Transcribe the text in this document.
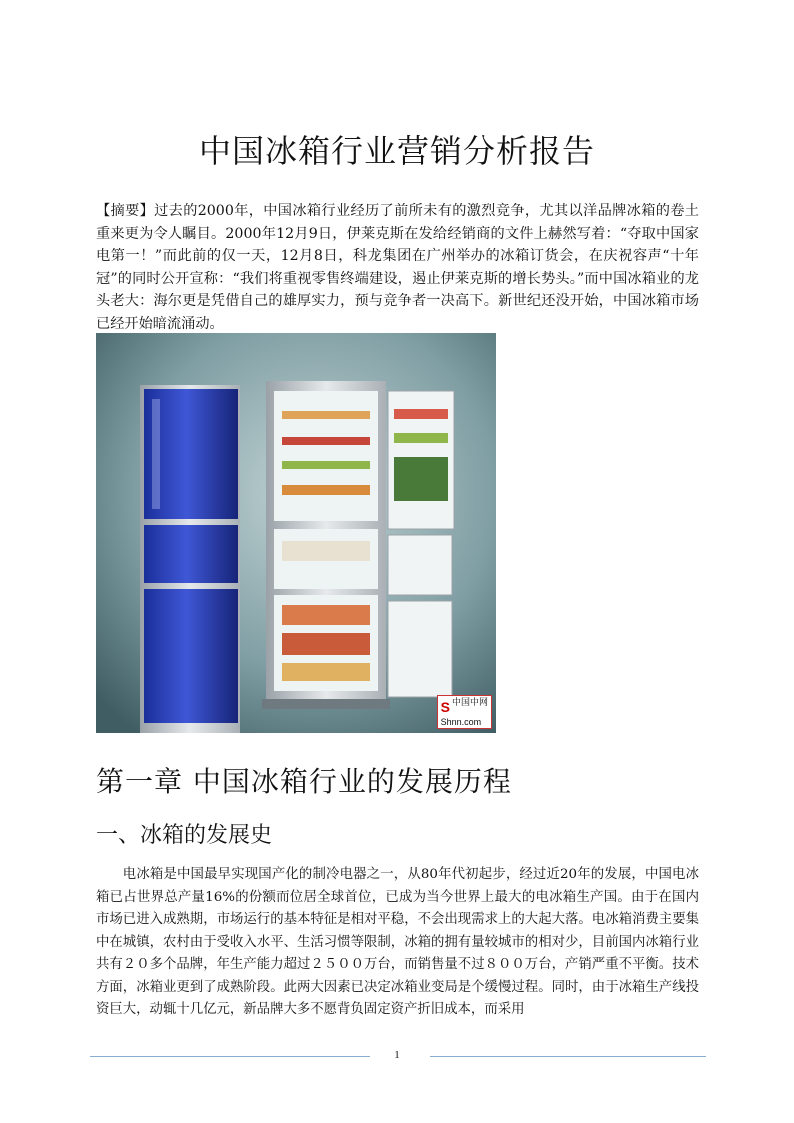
中国冰箱行业营销分析报告
【摘要】过去的2000年，中国冰箱行业经历了前所未有的激烈竞争，尤其以洋品牌冰箱的卷土重来更为令人瞩目。2000年12月9日，伊莱克斯在发给经销商的文件上赫然写着：“夺取中国家电第一！”而此前的仅一天，12月8日，科龙集团在广州举办的冰箱订货会，在庆祝容声“十年冠”的同时公开宣称：“我们将重视零售终端建设，遏止伊莱克斯的增长势头。”而中国冰箱业的龙头老大：海尔更是凭借自己的雄厚实力，预与竞争者一决高下。新世纪还没开始，中国冰箱市场已经开始暗流涌动。
S 中国中网
Shnn.com
第一章 中国冰箱行业的发展历程
一、冰箱的发展史
电冰箱是中国最早实现国产化的制冷电器之一，从80年代初起步，经过近20年的发展，中国电冰箱已占世界总产量16%的份额而位居全球首位，已成为当今世界上最大的电冰箱生产国。由于在国内市场已进入成熟期，市场运行的基本特征是相对平稳，不会出现需求上的大起大落。电冰箱消费主要集中在城镇，农村由于受收入水平、生活习惯等限制，冰箱的拥有量较城市的相对少，目前国内冰箱行业共有２０多个品牌，年生产能力超过２５００万台，而销售量不过８００万台，产销严重不平衡。技术方面，冰箱业更到了成熟阶段。此两大因素已决定冰箱业变局是个缓慢过程。同时，由于冰箱生产线投资巨大，动辄十几亿元，新品牌大多不愿背负固定资产折旧成本，而采用
1
